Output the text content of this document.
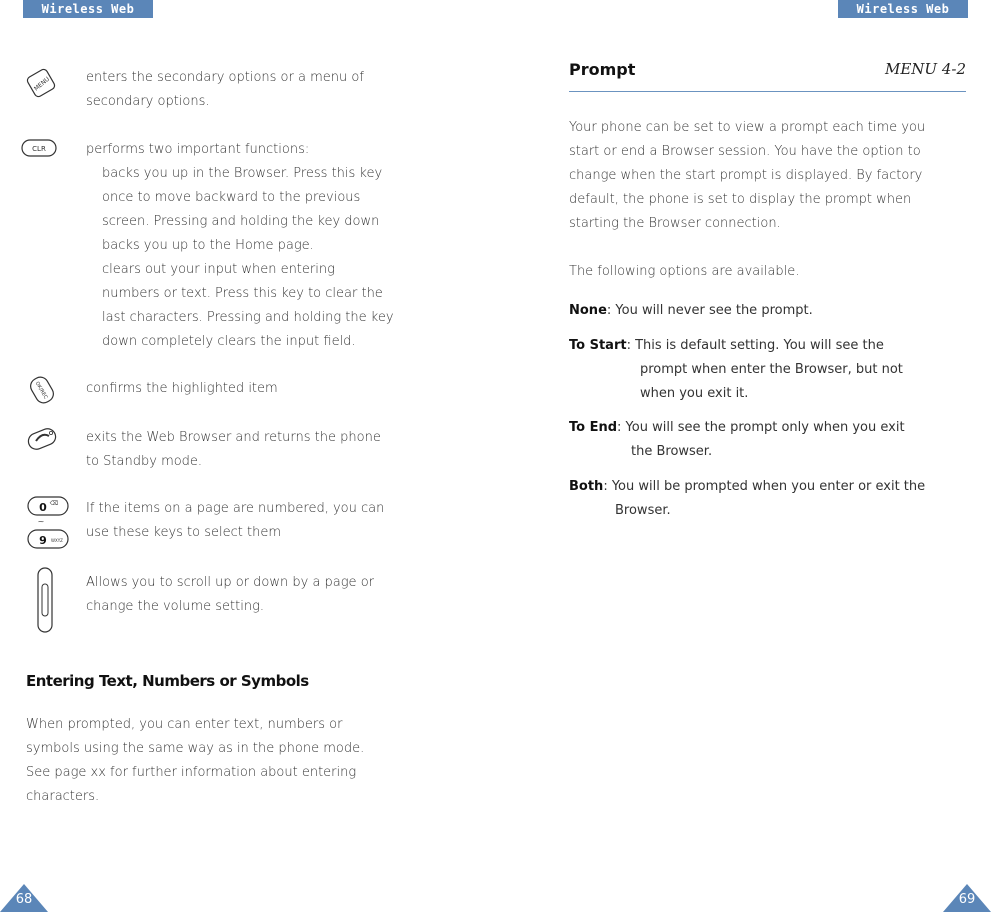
Wireless Web	Wireless Web
MENU	enters the secondary options or a menu of
secondary options.
CLR	performs two important functions:
backs you up in the Browser. Press this key
once to move backward to the previous
screen. Pressing and holding the key down
backs you up to the Home page.
clears out your input when entering
numbers or text. Press this key to clear the
last characters. Pressing and holding the key
down completely clears the input field.
OK/REC	confirms the highlighted item
exits the Web Browser and returns the phone
to Standby mode.
0 ⌫
~
9 WXYZ
If the items on a page are numbered, you can
use these keys to select them
Allows you to scroll up or down by a page or
change the volume setting.
Entering Text, Numbers or Symbols
When prompted, you can enter text, numbers or
symbols using the same way as in the phone mode.
See page xx for further information about entering
characters.
Prompt	MENU 4-2
Your phone can be set to view a prompt each time you
start or end a Browser session. You have the option to
change when the start prompt is displayed. By factory
default, the phone is set to display the prompt when
starting the Browser connection.
The following options are available.
None: You will never see the prompt.
To Start: This is default setting. You will see the
prompt when enter the Browser, but not
when you exit it.
To End: You will see the prompt only when you exit
the Browser.
Both: You will be prompted when you enter or exit the
Browser.
68	69
